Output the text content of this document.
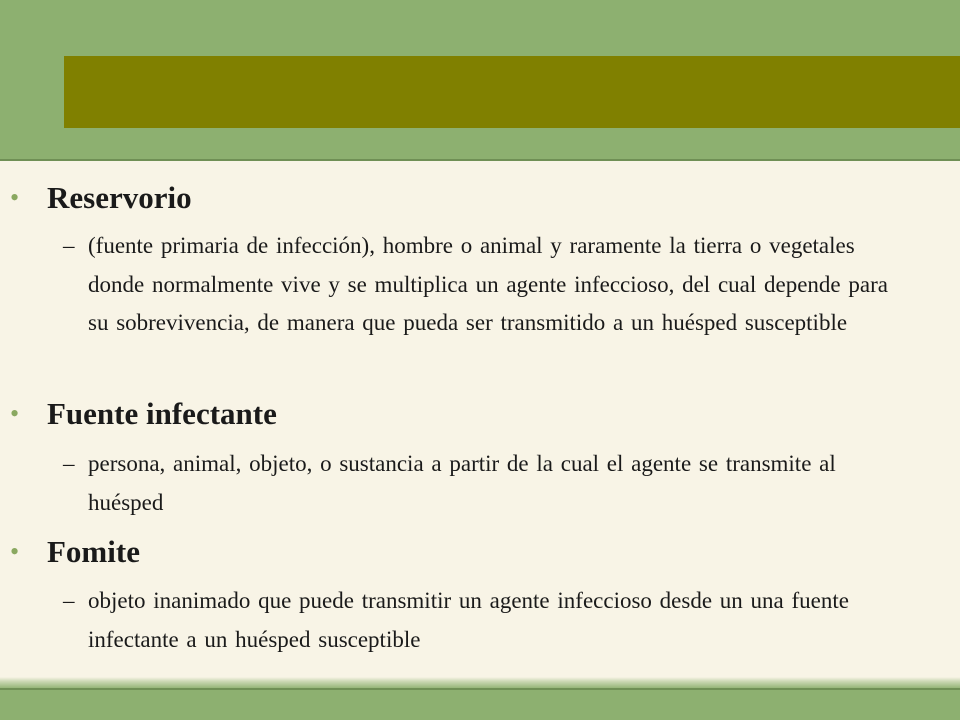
• Reservorio
– (fuente primaria de infección), hombre o animal y raramente la tierra o vegetales donde normalmente vive y se multiplica un agente infeccioso, del cual depende para su sobrevivencia, de manera que pueda ser transmitido a un huésped susceptible
• Fuente infectante
– persona, animal, objeto, o sustancia a partir de la cual el agente se transmite al huésped
• Fomite
– objeto inanimado que puede transmitir un agente infeccioso desde un una fuente infectante a un huésped susceptible
